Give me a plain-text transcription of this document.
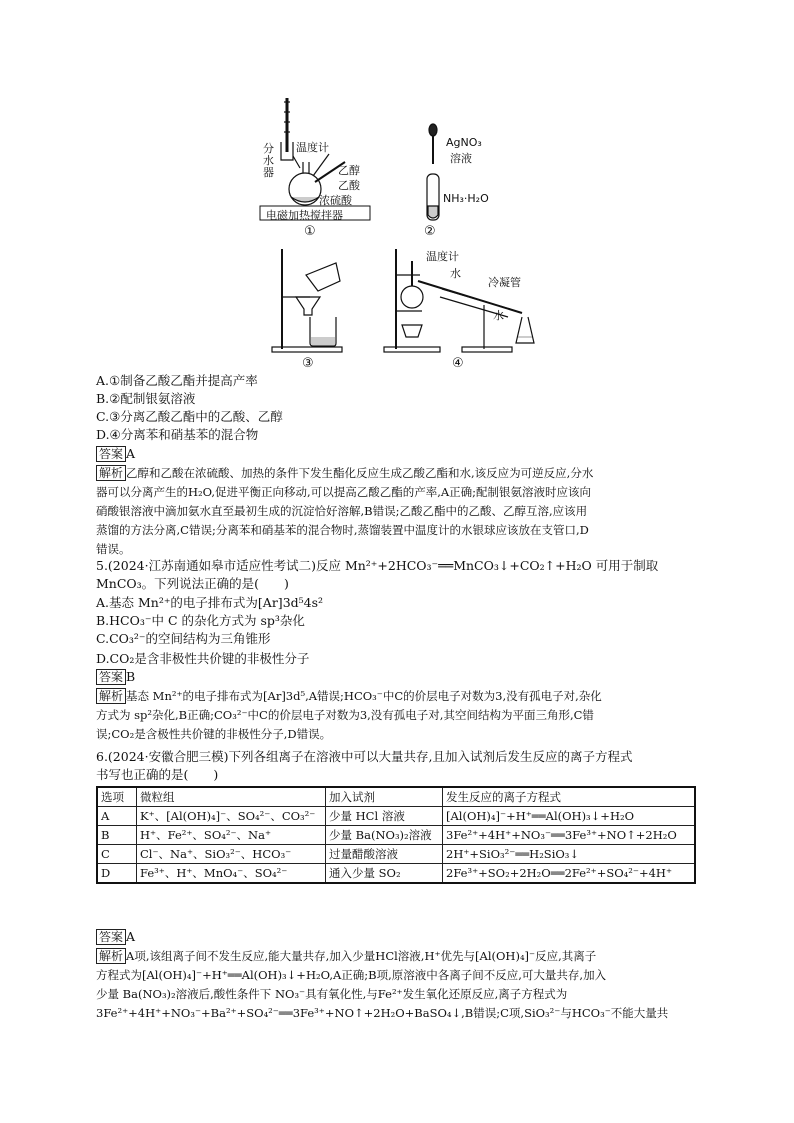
分
水
器
温度计
乙醇
乙酸
浓硫酸
电磁加热搅拌器
①
AgNO₃
溶液
NH₃·H₂O
②
③
温度计
水
冷凝管
水
④
A.①制备乙酸乙酯并提高产率
B.②配制银氨溶液
C.③分离乙酸乙酯中的乙酸、乙醇
D.④分离苯和硝基苯的混合物
答案 A
解析 乙醇和乙酸在浓硫酸、加热的条件下发生酯化反应生成乙酸乙酯和水,该反应为可逆反应,分水
器可以分离产生的H₂O,促进平衡正向移动,可以提高乙酸乙酯的产率,A正确;配制银氨溶液时应该向
硝酸银溶液中滴加氨水直至最初生成的沉淀恰好溶解,B错误;乙酸乙酯中的乙酸、乙醇互溶,应该用
蒸馏的方法分离,C错误;分离苯和硝基苯的混合物时,蒸馏装置中温度计的水银球应该放在支管口,D
错误。
5.(2024·江苏南通如皋市适应性考试二)反应 Mn²⁺+2HCO₃⁻══MnCO₃↓+CO₂↑+H₂O 可用于制取
MnCO₃。下列说法正确的是(　　)
A.基态 Mn²⁺的电子排布式为[Ar]3d⁵4s²
B.HCO₃⁻中 C 的杂化方式为 sp³杂化
C.CO₃²⁻的空间结构为三角锥形
D.CO₂是含非极性共价键的非极性分子
答案 B
解析 基态 Mn²⁺的电子排布式为[Ar]3d⁵,A错误;HCO₃⁻中C的价层电子对数为3,没有孤电子对,杂化
方式为 sp²杂化,B正确;CO₃²⁻中C的价层电子对数为3,没有孤电子对,其空间结构为平面三角形,C错
误;CO₂是含极性共价键的非极性分子,D错误。
6.(2024·安徽合肥三模)下列各组离子在溶液中可以大量共存,且加入试剂后发生反应的离子方程式
书写也正确的是(　　)
选项	微粒组	加入试剂	发生反应的离子方程式
A	K⁺、[Al(OH)₄]⁻、SO₄²⁻、CO₃²⁻	少量 HCl 溶液	[Al(OH)₄]⁻+H⁺══Al(OH)₃↓+H₂O
B	H⁺、Fe²⁺、SO₄²⁻、Na⁺	少量 Ba(NO₃)₂溶液	3Fe²⁺+4H⁺+NO₃⁻══3Fe³⁺+NO↑+2H₂O
C	Cl⁻、Na⁺、SiO₃²⁻、HCO₃⁻	过量醋酸溶液	2H⁺+SiO₃²⁻══H₂SiO₃↓
D	Fe³⁺、H⁺、MnO₄⁻、SO₄²⁻	通入少量 SO₂	2Fe³⁺+SO₂+2H₂O══2Fe²⁺+SO₄²⁻+4H⁺
答案 A
解析 A项,该组离子间不发生反应,能大量共存,加入少量HCl溶液,H⁺优先与[Al(OH)₄]⁻反应,其离子
方程式为[Al(OH)₄]⁻+H⁺══Al(OH)₃↓+H₂O,A正确;B项,原溶液中各离子间不反应,可大量共存,加入
少量 Ba(NO₃)₂溶液后,酸性条件下 NO₃⁻具有氧化性,与Fe²⁺发生氧化还原反应,离子方程式为
3Fe²⁺+4H⁺+NO₃⁻+Ba²⁺+SO₄²⁻══3Fe³⁺+NO↑+2H₂O+BaSO₄↓,B错误;C项,SiO₃²⁻与HCO₃⁻不能大量共
